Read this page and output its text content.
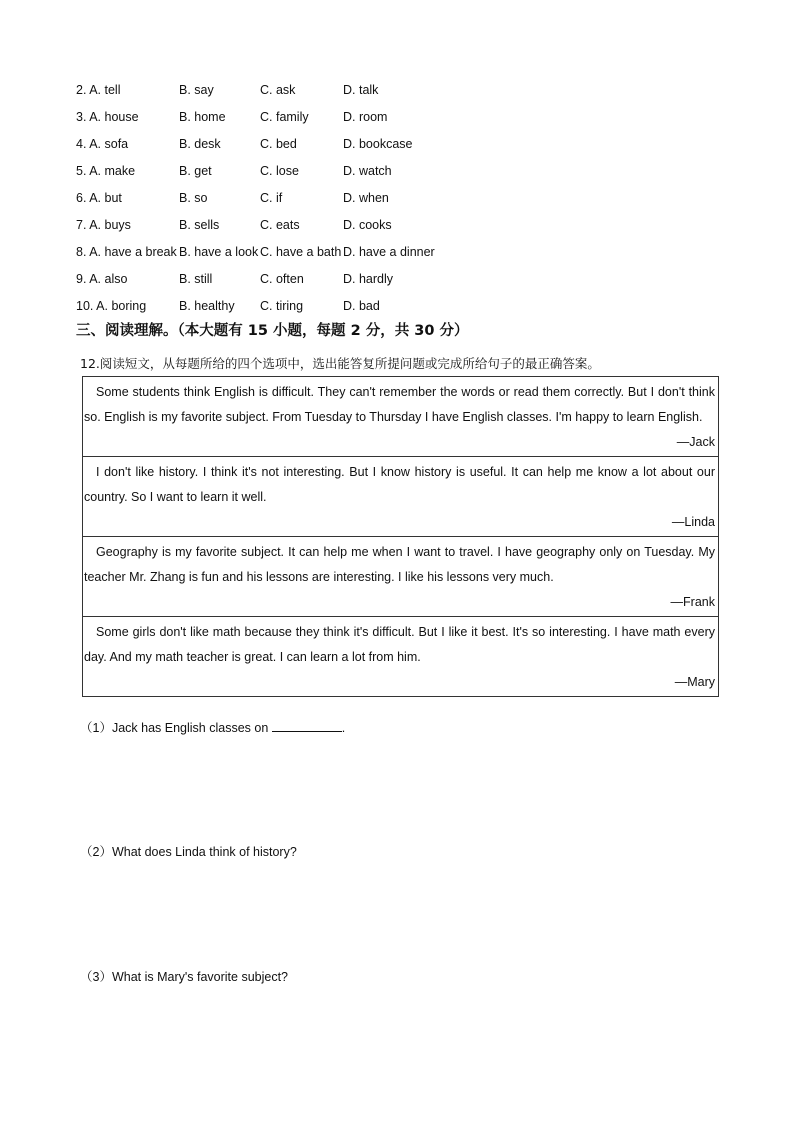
2. A. tell	B. say	C. ask	D. talk
3. A. house	B. home	C. family	D. room
4. A. sofa	B. desk	C. bed	D. bookcase
5. A. make	B. get	C. lose	D. watch
6. A. but	B. so	C. if	D. when
7. A. buys	B. sells	C. eats	D. cooks
8. A. have a break B. have a look C. have a bath D. have a dinner
9. A. also	B. still	C. often	D. hardly
10. A. boring	B. healthy C. tiring	D. bad
三、阅读理解。（本大题有 15 小题，每题 2 分，共 30 分）
12.阅读短文，从每题所给的四个选项中，选出能答复所提问题或完成所给句子的最正确答案。
Some students think English is difficult. They can't remember the words or read them correctly. But I don't think so. English is my favorite subject. From Tuesday to Thursday I have English classes. I'm happy to learn English.
—Jack
I don't like history. I think it's not interesting. But I know history is useful. It can help me know a lot about our country. So I want to learn it well.
—Linda
Geography is my favorite subject. It can help me when I want to travel. I have geography only on Tuesday. My teacher Mr. Zhang is fun and his lessons are interesting. I like his lessons very much.
—Frank
Some girls don't like math because they think it's difficult. But I like it best. It's so interesting. I have math every day. And my math teacher is great. I can learn a lot from him.
—Mary
（1）Jack has English classes on	.
（2）What does Linda think of history?
（3）What is Mary's favorite subject?
